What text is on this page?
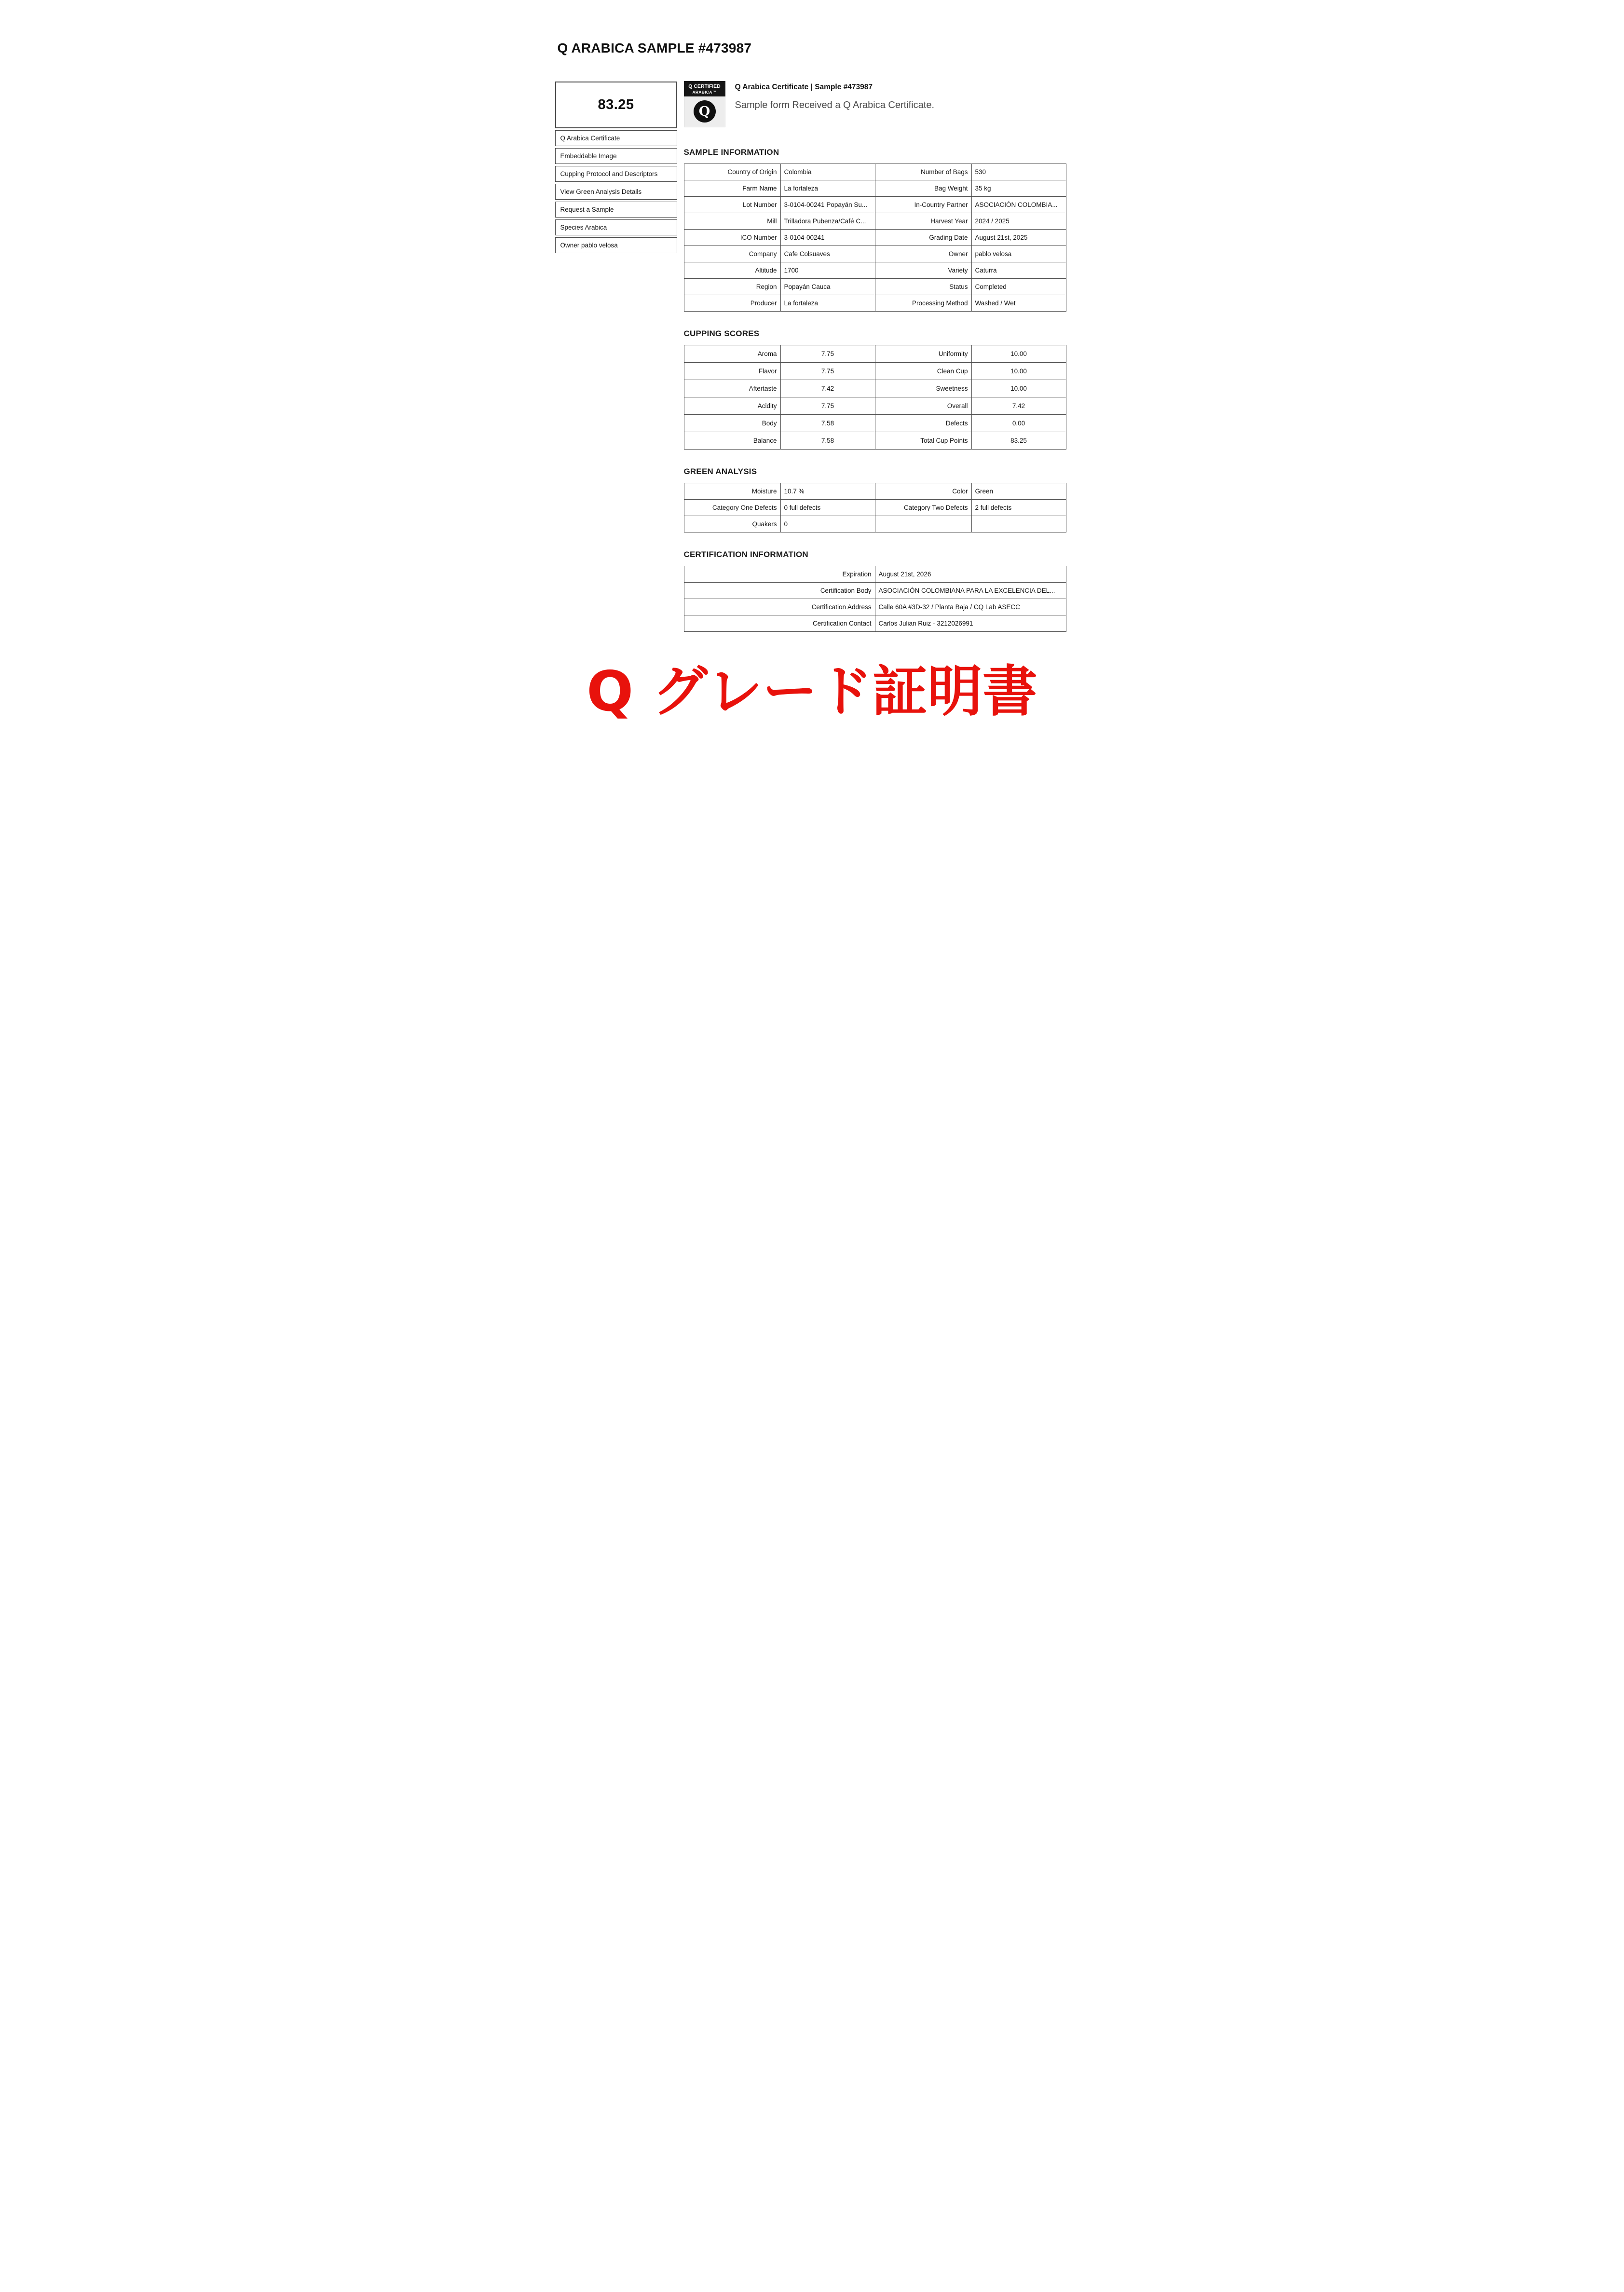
Q ARABICA SAMPLE #473987
83.25
Q Arabica Certificate
Embeddable Image
Cupping Protocol and Descriptors
View Green Analysis Details
Request a Sample
Species Arabica
Owner pablo velosa
Q CERTIFIED
ARABICA™
Q
Q Arabica Certificate | Sample #473987
Sample form Received a Q Arabica Certificate.
SAMPLE INFORMATION
Country of Origin	Colombia	Number of Bags	530
Farm Name	La fortaleza	Bag Weight	35 kg
Lot Number	3-0104-00241 Popayán Su...	In-Country Partner	ASOCIACIÓN COLOMBIA...
Mill	Trilladora Pubenza/Café C...	Harvest Year	2024 / 2025
ICO Number	3-0104-00241	Grading Date	August 21st, 2025
Company	Cafe Colsuaves	Owner	pablo velosa
Altitude	1700	Variety	Caturra
Region	Popayán Cauca	Status	Completed
Producer	La fortaleza	Processing Method	Washed / Wet
CUPPING SCORES
Aroma	7.75	Uniformity	10.00
Flavor	7.75	Clean Cup	10.00
Aftertaste	7.42	Sweetness	10.00
Acidity	7.75	Overall	7.42
Body	7.58	Defects	0.00
Balance	7.58	Total Cup Points	83.25
GREEN ANALYSIS
Moisture	10.7 %	Color	Green
Category One Defects	0 full defects	Category Two Defects	2 full defects
Quakers	0		
CERTIFICATION INFORMATION
Expiration	August 21st, 2026
Certification Body	ASOCIACIÓN COLOMBIANA PARA LA EXCELENCIA DEL...
Certification Address	Calle 60A #3D-32 / Planta Baja / CQ Lab ASECC
Certification Contact	Carlos Julian Ruiz - 3212026991
Q グレード証明書
